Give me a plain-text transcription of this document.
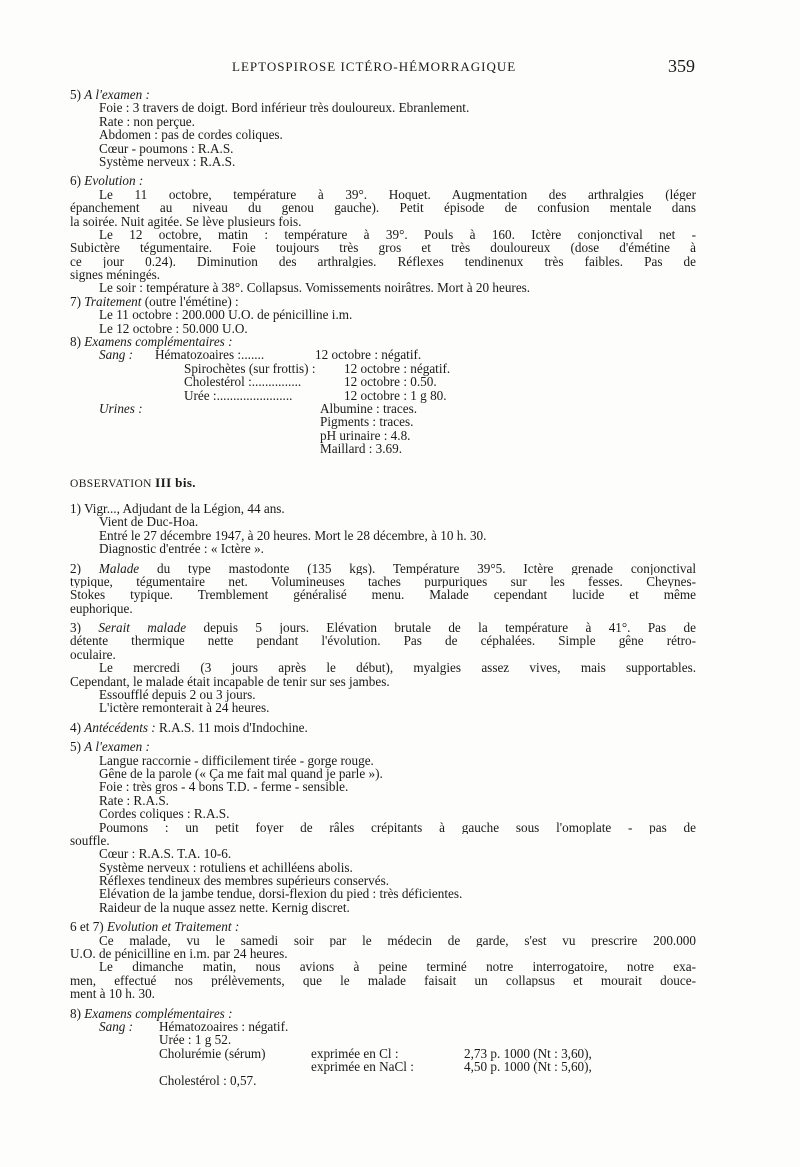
LEPTOSPIROSE ICTÉRO-HÉMORRAGIQUE	359
5) A l'examen :
Foie : 3 travers de doigt. Bord inférieur très douloureux. Ebranlement.
Rate : non perçue.
Abdomen : pas de cordes coliques.
Cœur - poumons : R.A.S.
Système nerveux : R.A.S.
6) Evolution :
Le 11 octobre, température à 39°. Hoquet. Augmentation des arthralgies (léger
épanchement au niveau du genou gauche). Petit épisode de confusion mentale dans
la soirée. Nuit agitée. Se lève plusieurs fois.
Le 12 octobre, matin : température à 39°. Pouls à 160. Ictère conjonctival net -
Subictère tégumentaire. Foie toujours très gros et très douloureux (dose d'émétine à
ce jour 0.24). Diminution des arthralgies. Réflexes tendinenux très faibles. Pas de
signes méningés.
Le soir : température à 38°. Collapsus. Vomissements noirâtres. Mort à 20 heures.
7) Traitement (outre l'émétine) :
Le 11 octobre : 200.000 U.O. de pénicilline i.m.
Le 12 octobre : 50.000 U.O.
8) Examens complémentaires :
Sang :	Hématozoaires :.......	12 octobre : négatif.
Spirochètes (sur frottis) :	12 octobre : négatif.
Cholestérol :...............	12 octobre : 0.50.
Urée :.......................	12 octobre : 1 g 80.
Urines :	Albumine : traces.
Pigments : traces.
pH urinaire : 4.8.
Maillard : 3.69.
OBSERVATION III bis.
1) Vigr..., Adjudant de la Légion, 44 ans.
Vient de Duc-Hoa.
Entré le 27 décembre 1947, à 20 heures. Mort le 28 décembre, à 10 h. 30.
Diagnostic d'entrée : « Ictère ».
2) Malade du type mastodonte (135 kgs). Température 39°5. Ictère grenade conjonctival
typique, tégumentaire net. Volumineuses taches purpuriques sur les fesses. Cheynes-
Stokes typique. Tremblement généralisé menu. Malade cependant lucide et même
euphorique.
3) Serait malade depuis 5 jours. Elévation brutale de la température à 41°. Pas de
détente thermique nette pendant l'évolution. Pas de céphalées. Simple gêne rétro-
oculaire.
Le mercredi (3 jours après le début), myalgies assez vives, mais supportables.
Cependant, le malade était incapable de tenir sur ses jambes.
Essoufflé depuis 2 ou 3 jours.
L'ictère remonterait à 24 heures.
4) Antécédents : R.A.S. 11 mois d'Indochine.
5) A l'examen :
Langue raccornie - difficilement tirée - gorge rouge.
Gêne de la parole (« Ça me fait mal quand je parle »).
Foie : très gros - 4 bons T.D. - ferme - sensible.
Rate : R.A.S.
Cordes coliques : R.A.S.
Poumons : un petit foyer de râles crépitants à gauche sous l'omoplate - pas de
souffle.
Cœur : R.A.S. T.A. 10-6.
Système nerveux : rotuliens et achilléens abolis.
Réflexes tendineux des membres supérieurs conservés.
Elévation de la jambe tendue, dorsi-flexion du pied : très déficientes.
Raideur de la nuque assez nette. Kernig discret.
6 et 7) Evolution et Traitement :
Ce malade, vu le samedi soir par le médecin de garde, s'est vu prescrire 200.000
U.O. de pénicilline en i.m. par 24 heures.
Le dimanche matin, nous avions à peine terminé notre interrogatoire, notre exa-
men, effectué nos prélèvements, que le malade faisait un collapsus et mourait douce-
ment à 10 h. 30.
8) Examens complémentaires :
Sang :	Hématozoaires : négatif.
Urée : 1 g 52.
Cholurémie (sérum)	exprimée en Cl :	2,73 p. 1000 (Nt : 3,60),
exprimée en NaCl :	4,50 p. 1000 (Nt : 5,60),
Cholestérol : 0,57.
